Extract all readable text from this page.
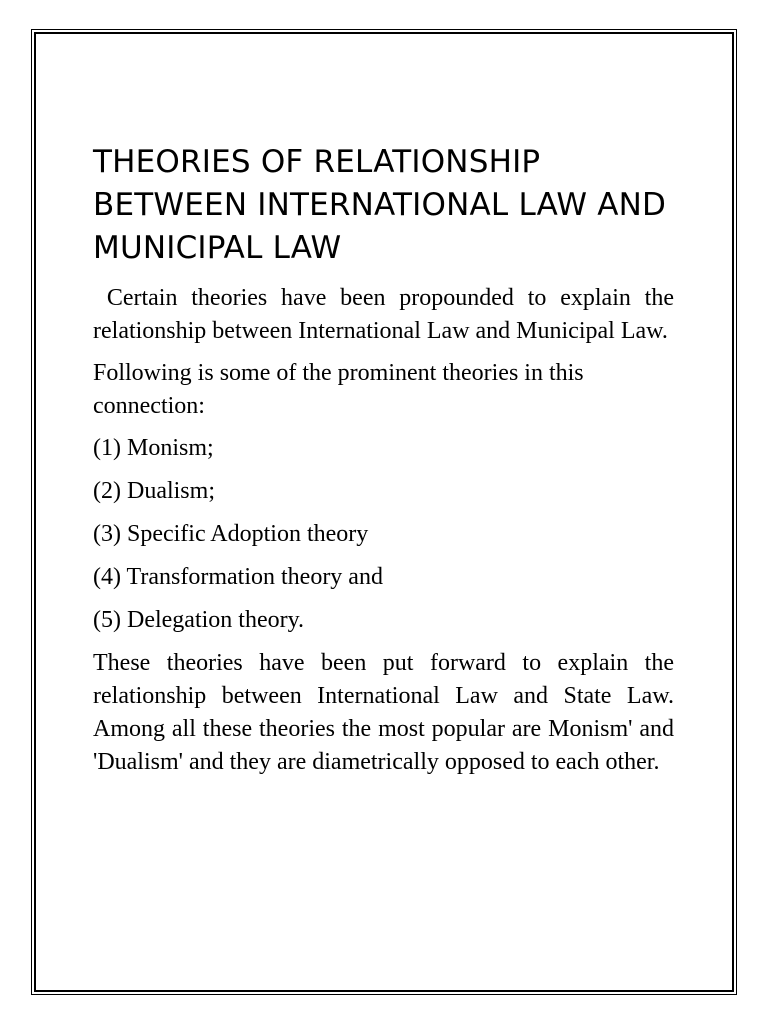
THEORIES OF RELATIONSHIP BETWEEN INTERNATIONAL LAW AND MUNICIPAL LAW

Certain theories have been propounded to explain the relationship between International Law and Municipal Law.

Following is some of the prominent theories in this connection:

(1) Monism;
(2) Dualism;
(3) Specific Adoption theory
(4) Transformation theory and
(5) Delegation theory.

These theories have been put forward to explain the relationship between International Law and State Law. Among all these theories the most popular are Monism' and 'Dualism' and they are diametrically opposed to each other.
